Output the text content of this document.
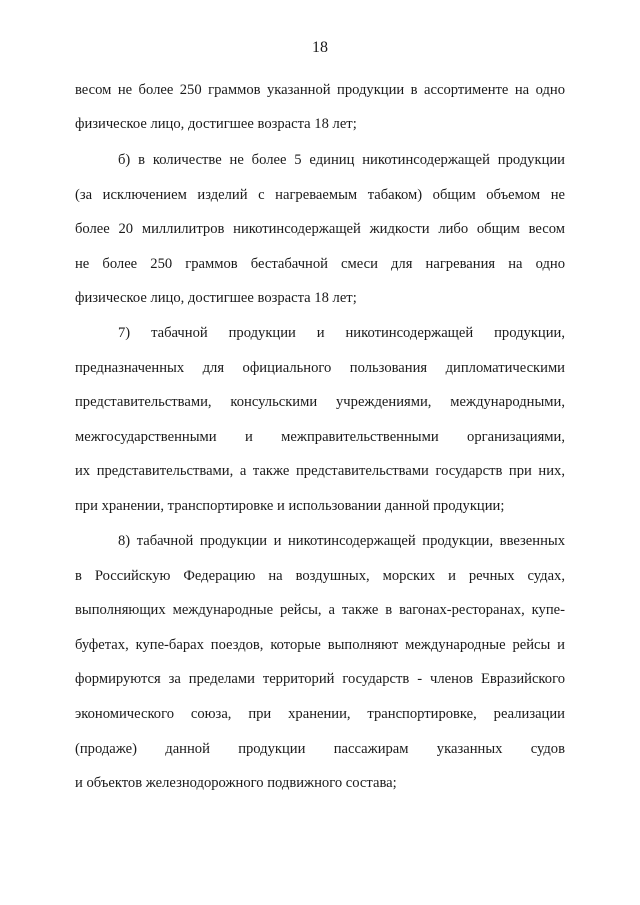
18
весом не более 250 граммов указанной продукции в ассортименте на одно
физическое лицо, достигшее возраста 18 лет;
б) в количестве не более 5 единиц никотинсодержащей продукции
(за исключением изделий с нагреваемым табаком) общим объемом не
более 20 миллилитров никотинсодержащей жидкости либо общим весом
не более 250 граммов бестабачной смеси для нагревания на одно
физическое лицо, достигшее возраста 18 лет;
7) табачной продукции и никотинсодержащей продукции,
предназначенных для официального пользования дипломатическими
представительствами, консульскими учреждениями, международными,
межгосударственными и межправительственными организациями,
их представительствами, а также представительствами государств при них,
при хранении, транспортировке и использовании данной продукции;
8) табачной продукции и никотинсодержащей продукции, ввезенных
в Российскую Федерацию на воздушных, морских и речных судах,
выполняющих международные рейсы, а также в вагонах-ресторанах, купе-
буфетах, купе-барах поездов, которые выполняют международные рейсы и
формируются за пределами территорий государств - членов Евразийского
экономического союза, при хранении, транспортировке, реализации
(продаже) данной продукции пассажирам указанных судов
и объектов железнодорожного подвижного состава;
